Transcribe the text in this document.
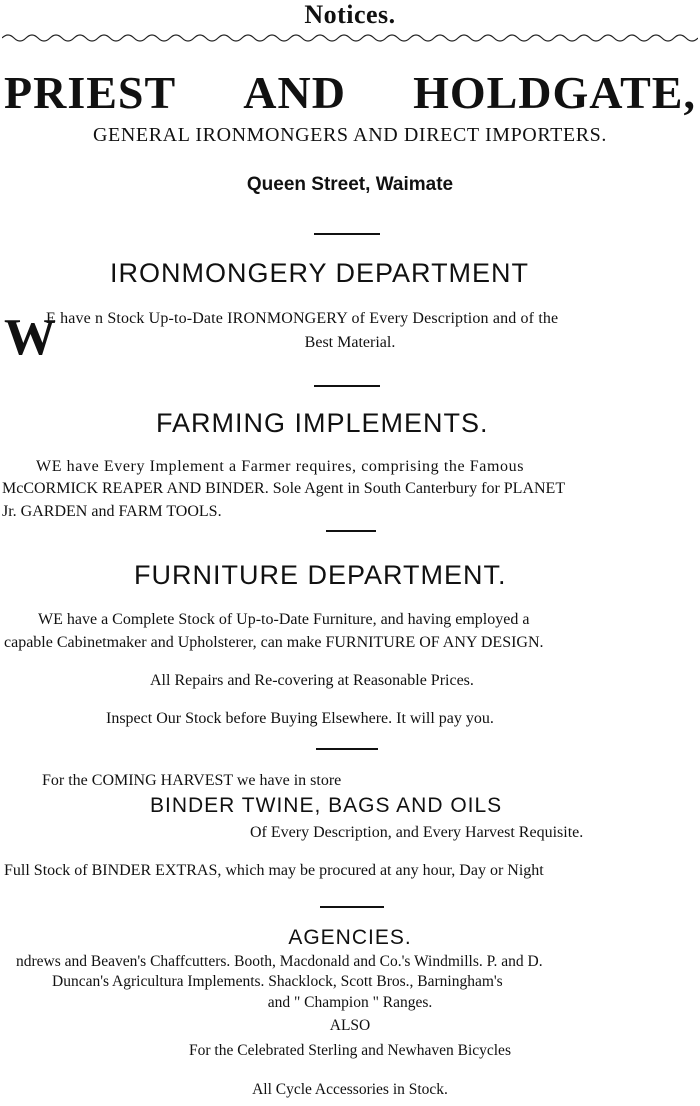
Notices.
PRIEST AND HOLDGATE,
GENERAL IRONMONGERS AND DIRECT IMPORTERS.
Queen Street, Waimate
IRONMONGERY DEPARTMENT
W
E have n Stock Up-to-Date IRONMONGERY of Every Description and of the
Best Material.
FARMING IMPLEMENTS.
WE have Every Implement a Farmer requires, comprising the Famous
McCORMICK REAPER AND BINDER. Sole Agent in South Canterbury for PLANET
Jr. GARDEN and FARM TOOLS.
FURNITURE DEPARTMENT.
WE have a Complete Stock of Up-to-Date Furniture, and having employed a
capable Cabinetmaker and Upholsterer, can make FURNITURE OF ANY DESIGN.
All Repairs and Re-covering at Reasonable Prices.
Inspect Our Stock before Buying Elsewhere. It will pay you.
For the COMING HARVEST we have in store
BINDER TWINE, BAGS AND OILS
Of Every Description, and Every Harvest Requisite.
Full Stock of BINDER EXTRAS, which may be procured at any hour, Day or Night
AGENCIES.
ndrews and Beaven's Chaffcutters. Booth, Macdonald and Co.'s Windmills. P. and D.
Duncan's Agricultura Implements. Shacklock, Scott Bros., Barningham's
and " Champion " Ranges.
ALSO
For the Celebrated Sterling and Newhaven Bicycles
All Cycle Accessories in Stock.
